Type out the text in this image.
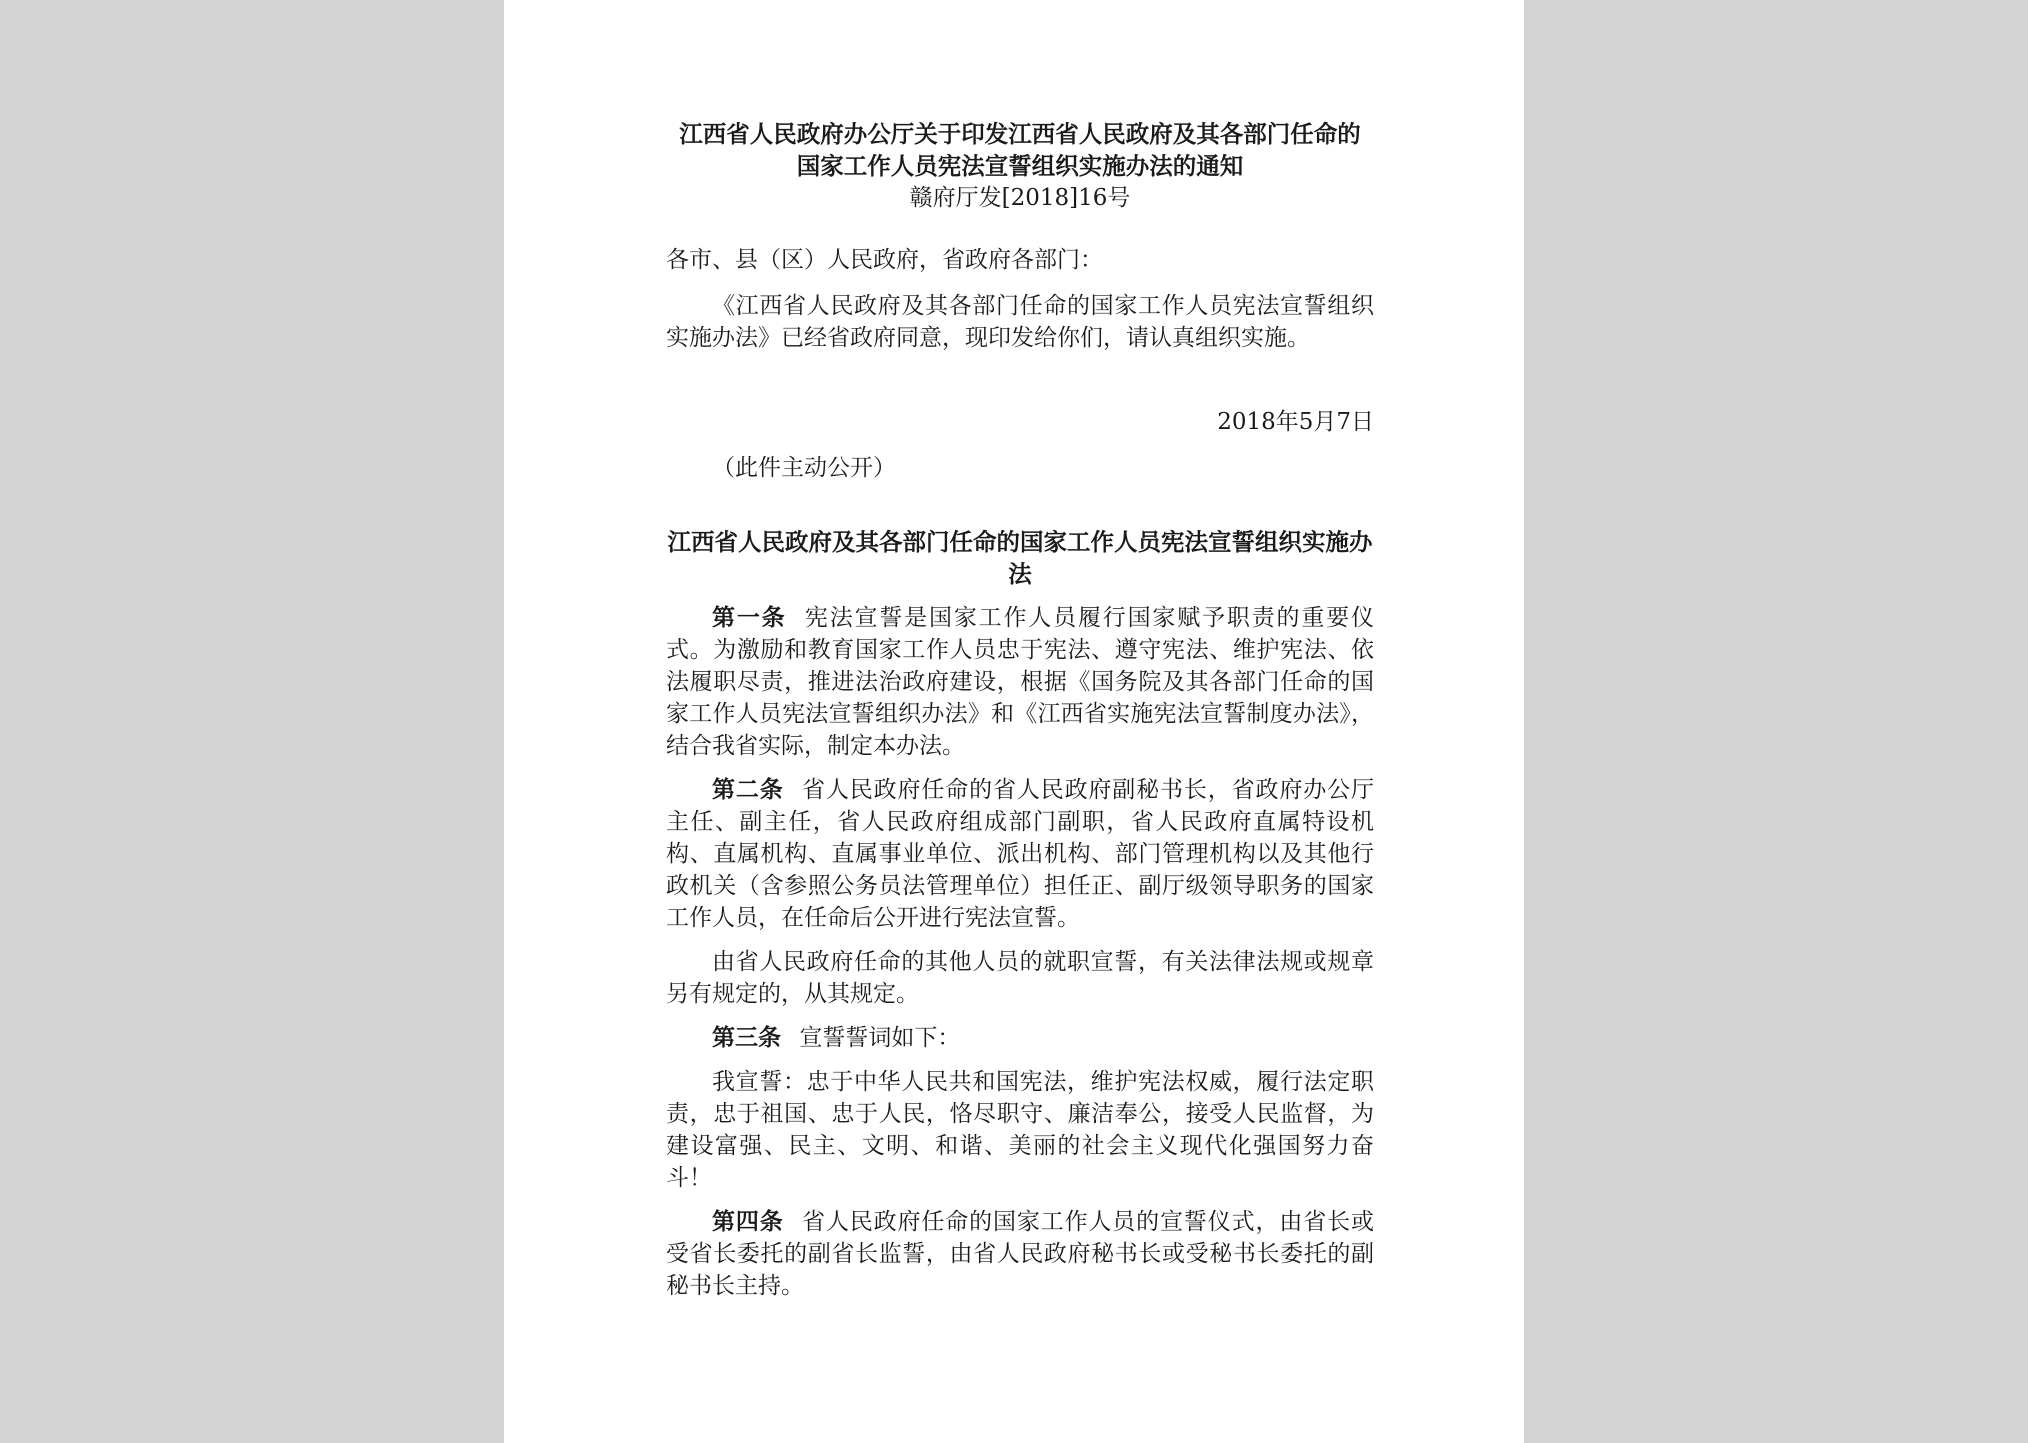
江西省人民政府办公厅关于印发江西省人民政府及其各部门任命的
国家工作人员宪法宣誓组织实施办法的通知

赣府厅发[2018]16号

各市、县（区）人民政府，省政府各部门：

《江西省人民政府及其各部门任命的国家工作人员宪法宣誓组织实施办法》已经省政府同意，现印发给你们，请认真组织实施。

2018年5月7日

（此件主动公开）

江西省人民政府及其各部门任命的国家工作人员宪法宣誓组织实施办法

第一条 宪法宣誓是国家工作人员履行国家赋予职责的重要仪式。为激励和教育国家工作人员忠于宪法、遵守宪法、维护宪法、依法履职尽责，推进法治政府建设，根据《国务院及其各部门任命的国家工作人员宪法宣誓组织办法》和《江西省实施宪法宣誓制度办法》，结合我省实际，制定本办法。

第二条 省人民政府任命的省人民政府副秘书长，省政府办公厅主任、副主任，省人民政府组成部门副职，省人民政府直属特设机构、直属机构、直属事业单位、派出机构、部门管理机构以及其他行政机关（含参照公务员法管理单位）担任正、副厅级领导职务的国家工作人员，在任命后公开进行宪法宣誓。

由省人民政府任命的其他人员的就职宣誓，有关法律法规或规章另有规定的，从其规定。

第三条 宣誓誓词如下：

我宣誓：忠于中华人民共和国宪法，维护宪法权威，履行法定职责，忠于祖国、忠于人民，恪尽职守、廉洁奉公，接受人民监督，为建设富强、民主、文明、和谐、美丽的社会主义现代化强国努力奋斗！

第四条 省人民政府任命的国家工作人员的宣誓仪式，由省长或受省长委托的副省长监誓，由省人民政府秘书长或受秘书长委托的副秘书长主持。
